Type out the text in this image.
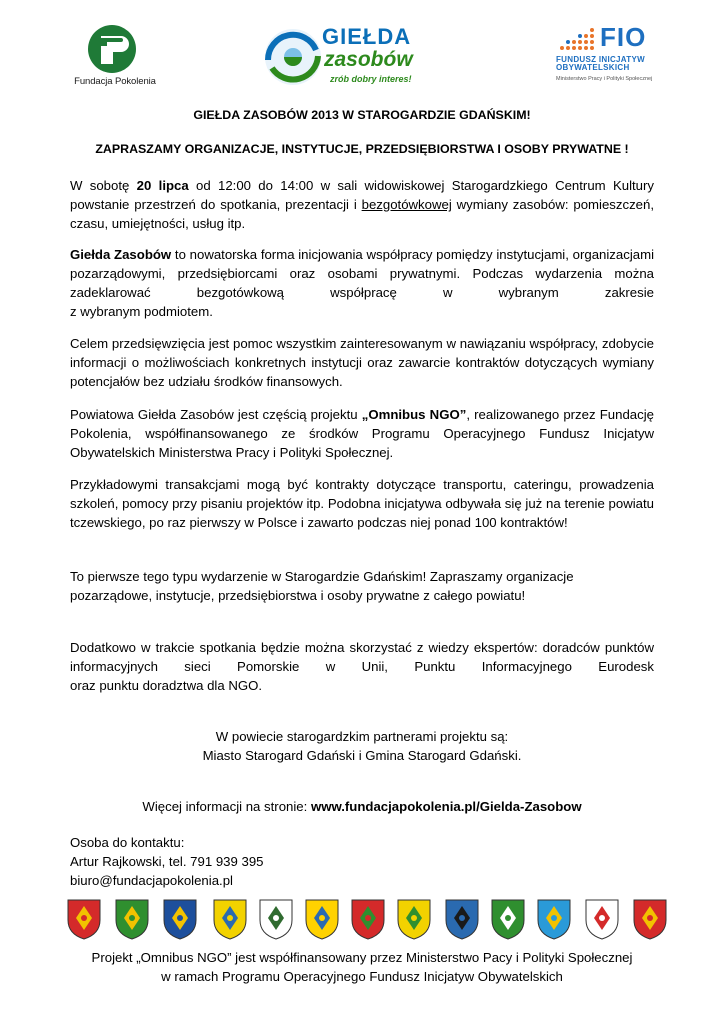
Fundacja Pokolenia
GIEŁDA
zasobów
zrób dobry interes!
FIO
FUNDUSZ INICJATYW
OBYWATELSKICH
Ministerstwo Pracy i Polityki Społecznej
GIEŁDA ZASOBÓW 2013 W STAROGARDZIE GDAŃSKIM!
ZAPRASZAMY ORGANIZACJE, INSTYTUCJE, PRZEDSIĘBIORSTWA I OSOBY PRYWATNE !
W sobotę 20 lipca od 12:00 do 14:00 w sali widowiskowej Starogardzkiego Centrum Kultury powstanie przestrzeń do spotkania, prezentacji i bezgotówkowej wymiany zasobów: pomieszczeń, czasu, umiejętności, usług itp.
Giełda Zasobów to nowatorska forma inicjowania współpracy pomiędzy instytucjami, organizacjami pozarządowymi, przedsiębiorcami oraz osobami prywatnymi. Podczas wydarzenia można zadeklarować bezgotówkową współpracę w wybranym zakresie
z wybranym podmiotem.
Celem przedsięwzięcia jest pomoc wszystkim zainteresowanym w nawiązaniu współpracy, zdobycie informacji o możliwościach konkretnych instytucji oraz zawarcie kontraktów dotyczących wymiany potencjałów bez udziału środków finansowych.
Powiatowa Giełda Zasobów jest częścią projektu „Omnibus NGO”, realizowanego przez Fundację Pokolenia, współfinansowanego ze środków Programu Operacyjnego Fundusz Inicjatyw Obywatelskich Ministerstwa Pracy i Polityki Społecznej.
Przykładowymi transakcjami mogą być kontrakty dotyczące transportu, cateringu, prowadzenia szkoleń, pomocy przy pisaniu projektów itp. Podobna inicjatywa odbywała się już na terenie powiatu tczewskiego, po raz pierwszy w Polsce i zawarto podczas niej ponad 100 kontraktów!
To pierwsze tego typu wydarzenie w Starogardzie Gdańskim! Zapraszamy organizacje pozarządowe, instytucje, przedsiębiorstwa i osoby prywatne z całego powiatu!
Dodatkowo w trakcie spotkania będzie można skorzystać z wiedzy ekspertów: doradców punktów informacyjnych sieci Pomorskie w Unii, Punktu Informacyjnego Eurodesk
oraz punktu doradztwa dla NGO.
W powiecie starogardzkim partnerami projektu są:
Miasto Starogard Gdański i Gmina Starogard Gdański.
Więcej informacji na stronie: www.fundacjapokolenia.pl/Gielda-Zasobow
Osoba do kontaktu:
Artur Rajkowski, tel. 791 939 395
biuro@fundacjapokolenia.pl
Projekt „Omnibus NGO” jest współfinansowany przez Ministerstwo Pacy i Polityki Społecznej
w ramach Programu Operacyjnego Fundusz Inicjatyw Obywatelskich
